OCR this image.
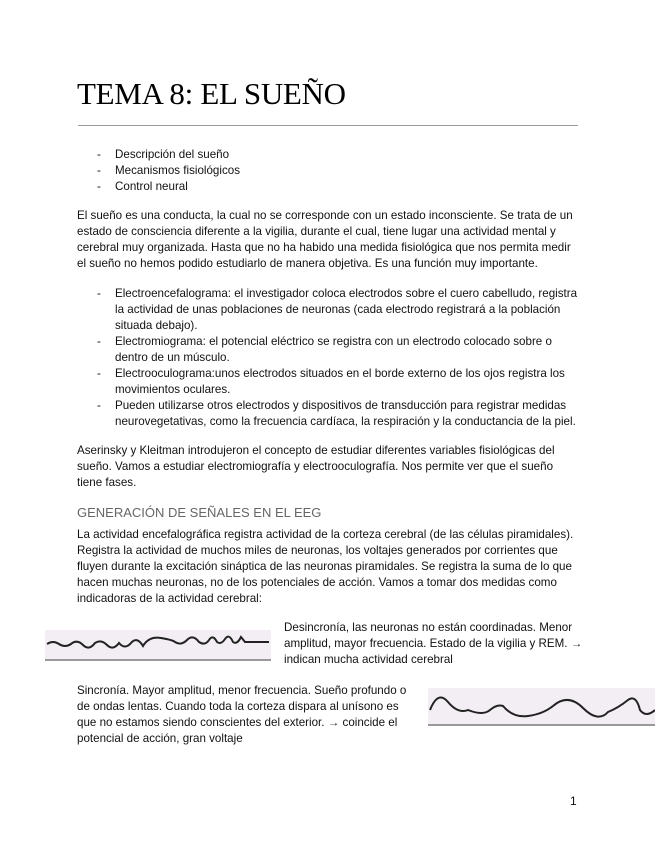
TEMA 8: EL SUEÑO
- Descripción del sueño
- Mecanismos fisiológicos
- Control neural
El sueño es una conducta, la cual no se corresponde con un estado inconsciente. Se trata de un estado de consciencia diferente a la vigilia, durante el cual, tiene lugar una actividad mental y cerebral muy organizada. Hasta que no ha habido una medida fisiológica que nos permita medir el sueño no hemos podido estudiarlo de manera objetiva. Es una función muy importante.
- Electroencefalograma: el investigador coloca electrodos sobre el cuero cabelludo, registra la actividad de unas poblaciones de neuronas (cada electrodo registrará a la población situada debajo).
- Electromiograma: el potencial eléctrico se registra con un electrodo colocado sobre o dentro de un músculo.
- Electrooculograma:unos electrodos situados en el borde externo de los ojos registra los movimientos oculares.
- Pueden utilizarse otros electrodos y dispositivos de transducción para registrar medidas neurovegetativas, como la frecuencia cardíaca, la respiración y la conductancia de la piel.
Aserinsky y Kleitman introdujeron el concepto de estudiar diferentes variables fisiológicas del sueño. Vamos a estudiar electromiografía y electrooculografía. Nos permite ver que el sueño tiene fases.
GENERACIÓN DE SEÑALES EN EL EEG
La actividad encefalográfica registra actividad de la corteza cerebral (de las células piramidales). Registra la actividad de muchos miles de neuronas, los voltajes generados por corrientes que fluyen durante la excitación sináptica de las neuronas piramidales. Se registra la suma de lo que hacen muchas neuronas, no de los potenciales de acción. Vamos a tomar dos medidas como indicadoras de la actividad cerebral:
Desincronía, las neuronas no están coordinadas. Menor amplitud, mayor frecuencia. Estado de la vigilia y REM. → indican mucha actividad cerebral
Sincronía. Mayor amplitud, menor frecuencia. Sueño profundo o de ondas lentas. Cuando toda la corteza dispara al unísono es que no estamos siendo conscientes del exterior. → coincide el potencial de acción, gran voltaje
1
